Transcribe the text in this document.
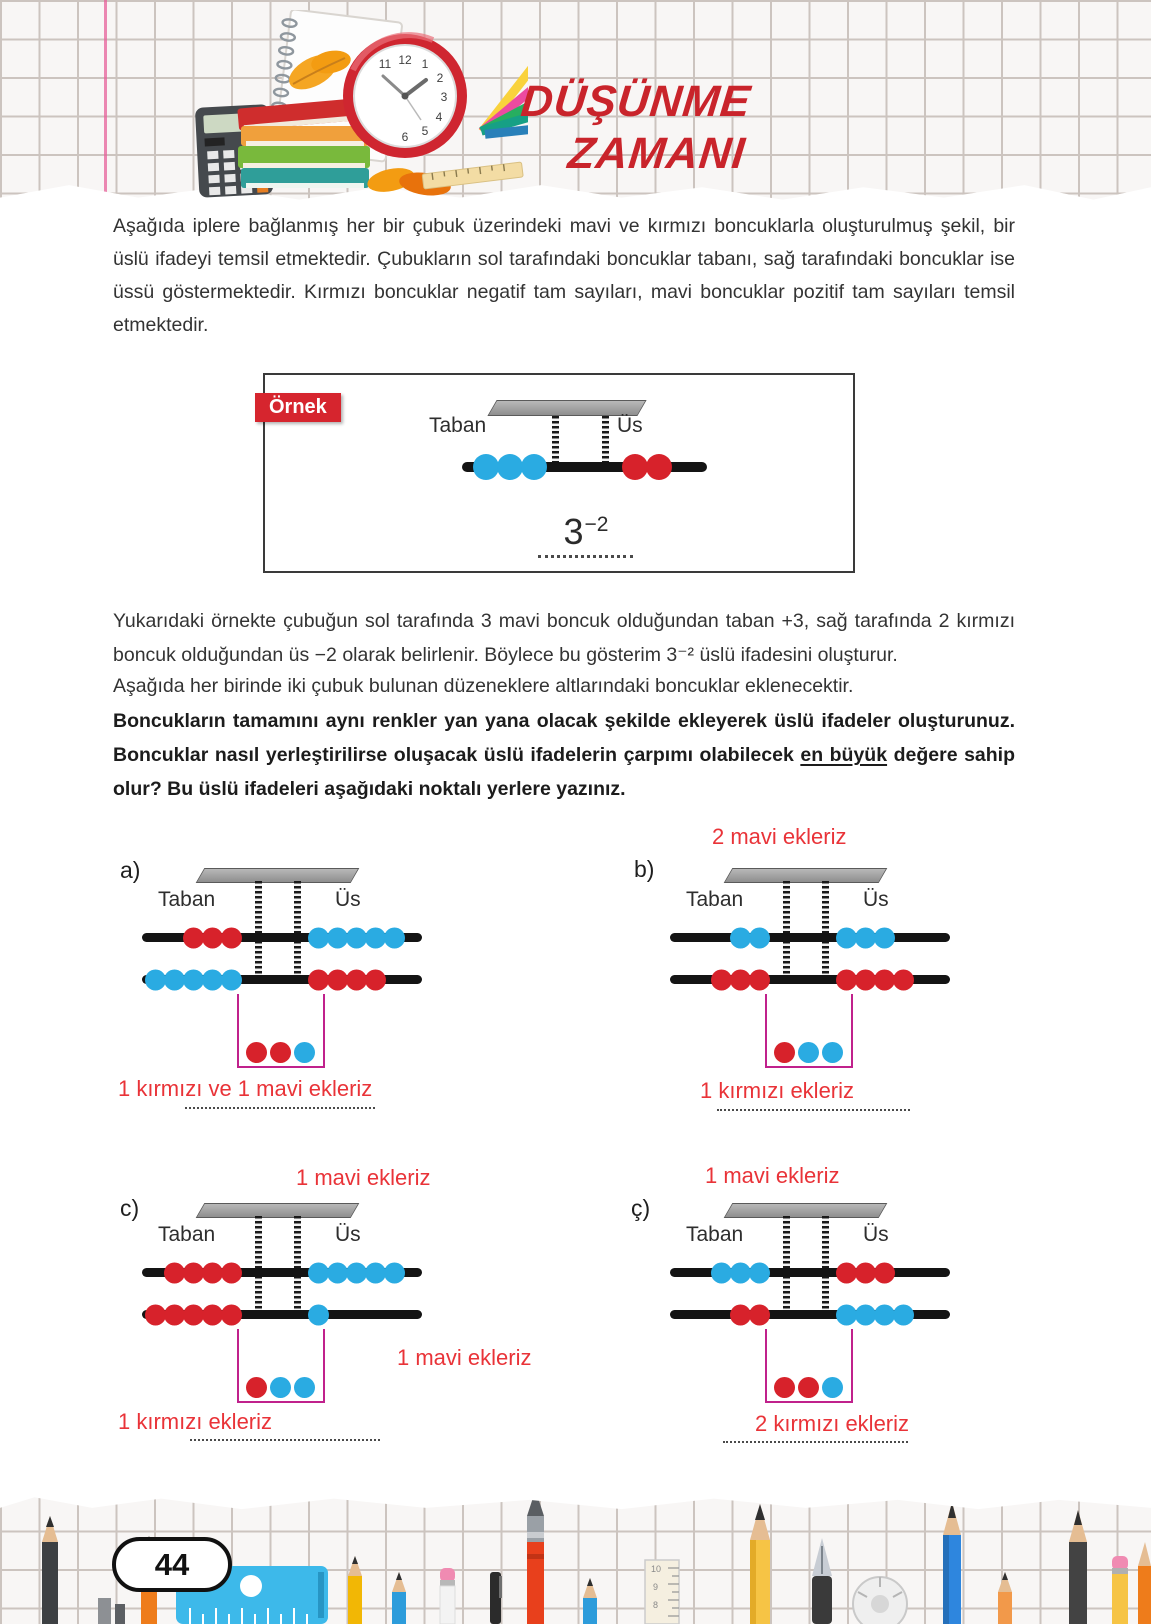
12 1
2
3
4
5
6
11
DÜŞÜNME
ZAMANI

Aşağıda iplere bağlanmış her bir çubuk üzerindeki mavi ve kırmızı boncuklarla oluşturulmuş şekil, bir üslü ifadeyi temsil etmektedir. Çubukların sol tarafındaki boncuklar tabanı, sağ tarafındaki boncuklar ise üssü göstermektedir. Kırmızı boncuklar negatif tam sayıları, mavi boncuklar pozitif tam sayıları temsil etmektedir.

Örnek
Taban	Üs
3−2

Yukarıdaki örnekte çubuğun sol tarafında 3 mavi boncuk olduğundan taban +3, sağ tarafında 2 kırmızı boncuk olduğundan üs −2 olarak belirlenir. Böylece bu gösterim 3⁻² üslü ifadesini oluşturur.

Aşağıda her birinde iki çubuk bulunan düzeneklere altlarındaki boncuklar eklenecektir.

Boncukların tamamını aynı renkler yan yana olacak şekilde ekleyerek üslü ifadeler oluşturunuz. Boncuklar nasıl yerleştirilirse oluşacak üslü ifadelerin çarpımı olabilecek en büyük değere sahip olur? Bu üslü ifadeleri aşağıdaki noktalı yerlere yazınız.

a)
Taban	Üs
1 kırmızı ve 1 mavi ekleriz
2 mavi ekleriz
b)
Taban	Üs
1 kırmızı ekleriz
1 mavi ekleriz
c)
Taban	Üs
1 mavi ekleriz
1 kırmızı ekleriz
1 mavi ekleriz
ç)
Taban	Üs
2 kırmızı ekleriz
10
9
8
44
